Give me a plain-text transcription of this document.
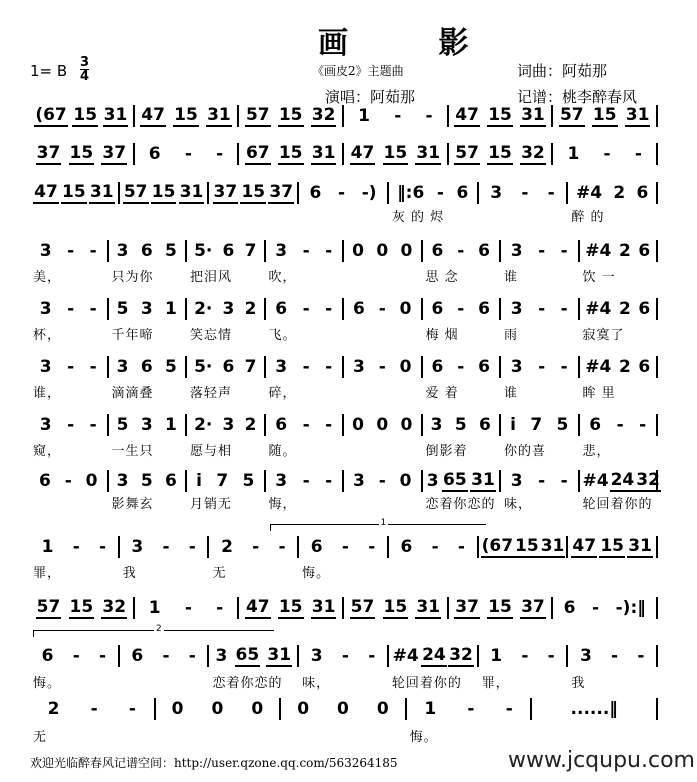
画 影
1= B 3
4	《画皮2》主题曲	词曲：阿茹那
演唱：阿茹那	记谱：桃李醉春风
(67 15 31 47 15 31 57 15 32 1 - - 47 15 31 57 15 31
37 15 37 6 - - 67 15 31 47 15 31 57 15 32 1 - -
47 15 31 57 15 31 37 15 37 6 - -) ‖:6 - 6 3 - - #4 2 6
灰 的 烬	醉 的
3 - - 3 6 5 5· 6 7 3 - - 0 0 0 6 - 6 3 - - #4 2 6
美，	只为你	把泪风	吹，	思 念	谁	饮 一
3 - - 5 3 1 2· 3 2 6 - - 6 - 0 6 - 6 3 - - #4 2 6
杯，	千年啼	笑忘情	飞。	梅 烟	雨	寂寞了
3 - - 3 6 5 5· 6 7 3 - - 3 - 0 6 - 6 3 - - #4 2 6
谁，	滴滴叠	落轻声	碎，	爱 着	谁	眸 里
3 - - 5 3 1 2· 3 2 6 - - 0 0 0 3 5 6 i 7 5 6 - -
窥，	一生只	愿与相	随。	倒影着	你的喜	悲，
6 - 0 3 5 6 i 7 5 3 - - 3 - 0 3 65 31 3 - - #4 24 32
影舞玄	月销无	悔，	恋着你恋的 味，	轮回着你的
1 - - 3 - - 2 - - 6 - - 6 - - (67 15 31 47 15 31
罪，	我	无	悔。
57 15 32 1 - - 47 15 31 57 15 31 37 15 37 6 - -):‖
6 - - 6 - - 3 65 31 3 - - #4 24 32 1 - - 3 - -
悔。	恋着你恋的	味，	轮回着你的	罪，	我
2 - - 0 0 0 0 0 0 1 - -	......‖
无	悔。
1
2
欢迎光临醉春风记谱空间：http://user.qzone.qq.com/563264185	www.jcqupu.com
